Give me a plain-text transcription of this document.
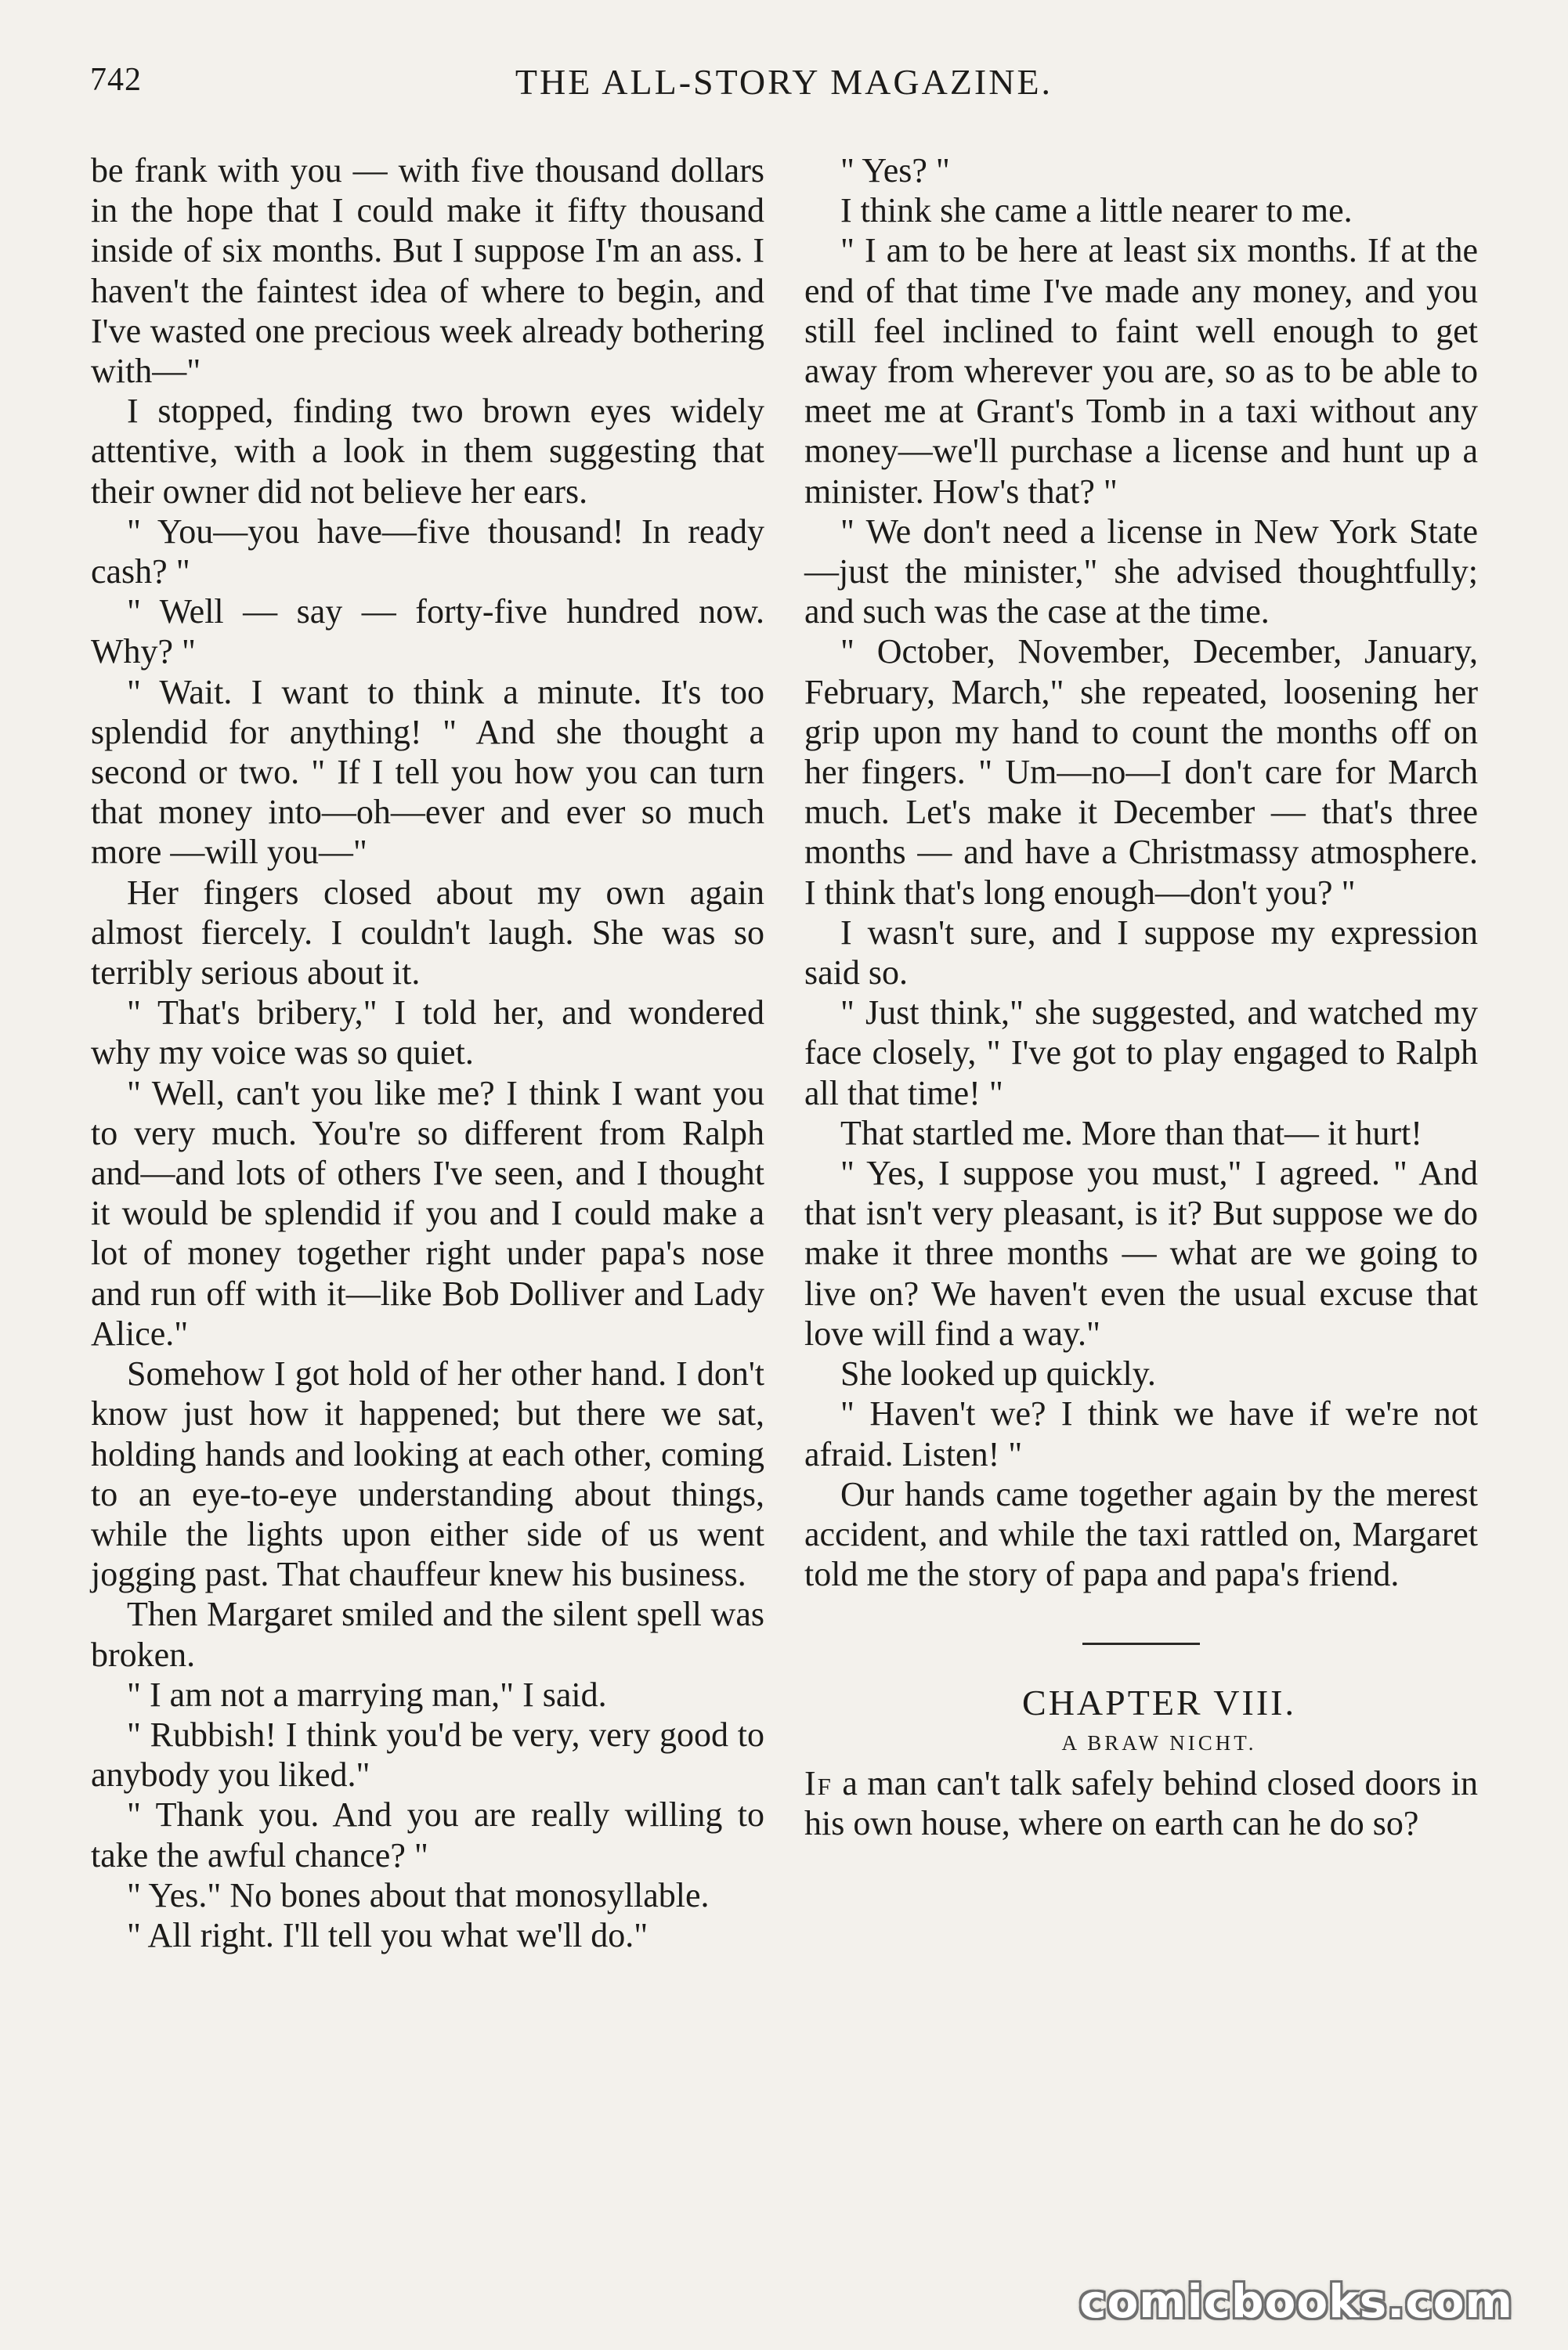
742	THE ALL-STORY MAGAZINE.

be frank with you — with five thousand dollars in the hope that I could make it fifty thousand inside of six months. But I suppose I'm an ass. I haven't the faintest idea of where to begin, and I've wasted one precious week already bothering with—"

I stopped, finding two brown eyes widely attentive, with a look in them suggesting that their owner did not believe her ears.

" You—you have—five thousand! In ready cash? "

" Well — say — forty-five hundred now. Why? "

" Wait. I want to think a minute. It's too splendid for anything! " And she thought a second or two. " If I tell you how you can turn that money into—oh—ever and ever so much more —will you—"

Her fingers closed about my own again almost fiercely. I couldn't laugh. She was so terribly serious about it.

" That's bribery," I told her, and wondered why my voice was so quiet.

" Well, can't you like me? I think I want you to very much. You're so different from Ralph and—and lots of others I've seen, and I thought it would be splendid if you and I could make a lot of money together right under papa's nose and run off with it—like Bob Dolliver and Lady Alice."

Somehow I got hold of her other hand. I don't know just how it happened; but there we sat, holding hands and looking at each other, coming to an eye-to-eye understanding about things, while the lights upon either side of us went jogging past. That chauffeur knew his business.

Then Margaret smiled and the silent spell was broken.

" I am not a marrying man," I said.

" Rubbish! I think you'd be very, very good to anybody you liked."

" Thank you. And you are really willing to take the awful chance? "

" Yes." No bones about that monosyllable.

" All right. I'll tell you what we'll do."

" Yes? "

I think she came a little nearer to me.

" I am to be here at least six months. If at the end of that time I've made any money, and you still feel inclined to faint well enough to get away from wherever you are, so as to be able to meet me at Grant's Tomb in a taxi without any money—we'll purchase a license and hunt up a minister. How's that? "

" We don't need a license in New York State—just the minister," she advised thoughtfully; and such was the case at the time.

" October, November, December, January, February, March," she repeated, loosening her grip upon my hand to count the months off on her fingers. " Um—no—I don't care for March much. Let's make it December — that's three months — and have a Christmassy atmosphere. I think that's long enough—don't you? "

I wasn't sure, and I suppose my expression said so.

" Just think," she suggested, and watched my face closely, " I've got to play engaged to Ralph all that time! "

That startled me. More than that— it hurt!

" Yes, I suppose you must," I agreed. " And that isn't very pleasant, is it? But suppose we do make it three months — what are we going to live on? We haven't even the usual excuse that love will find a way."

She looked up quickly.

" Haven't we? I think we have if we're not afraid. Listen! "

Our hands came together again by the merest accident, and while the taxi rattled on, Margaret told me the story of papa and papa's friend.

CHAPTER VIII.

A BRAW NICHT.

If a man can't talk safely behind closed doors in his own house, where on earth can he do so?

comicbooks.com
